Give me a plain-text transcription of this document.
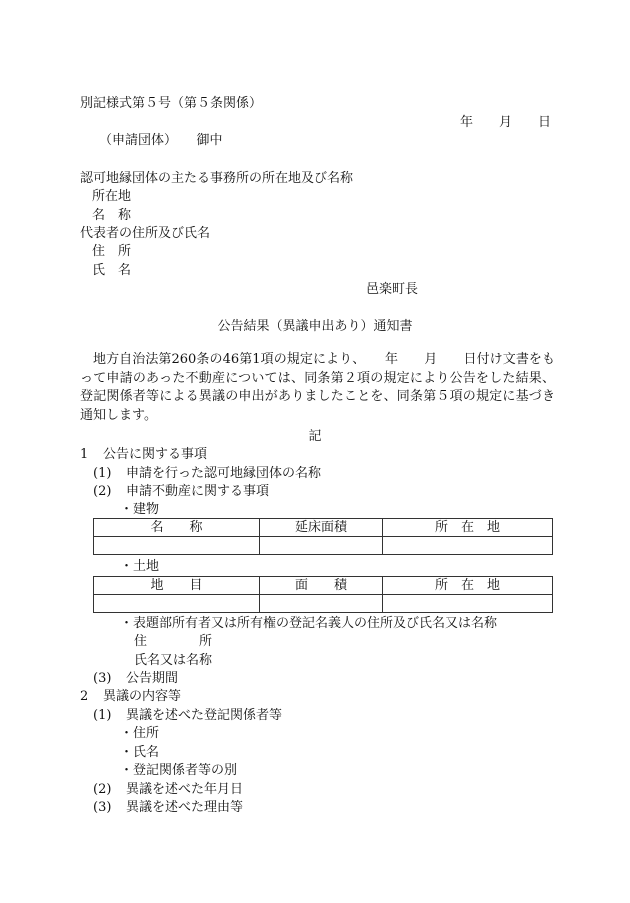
別記様式第５号（第５条関係）
年　　月　　日
（申請団体）　　御中
認可地縁団体の主たる事務所の所在地及び名称
所在地
名　称
代表者の住所及び氏名
住　所
氏　名
邑楽町長
公告結果（異議申出あり）通知書
地方自治法第260条の46第1項の規定により、　　年　　月　　日付け文書をもって申請のあった不動産については、同条第２項の規定により公告をした結果、登記関係者等による異議の申出がありましたことを、同条第５項の規定に基づき通知します。
記
1 公告に関する事項
(1) 申請を行った認可地縁団体の名称
(2) 申請不動産に関する事項
・建物
名　　称	延床面積	所　在　地

・土地
地　　目	面　　積	所　在　地

・表題部所有者又は所有権の登記名義人の住所及び氏名又は名称
住　　　　所
氏名又は名称
(3) 公告期間
2 異議の内容等
(1) 異議を述べた登記関係者等
・住所
・氏名
・登記関係者等の別
(2) 異議を述べた年月日
(3) 異議を述べた理由等
